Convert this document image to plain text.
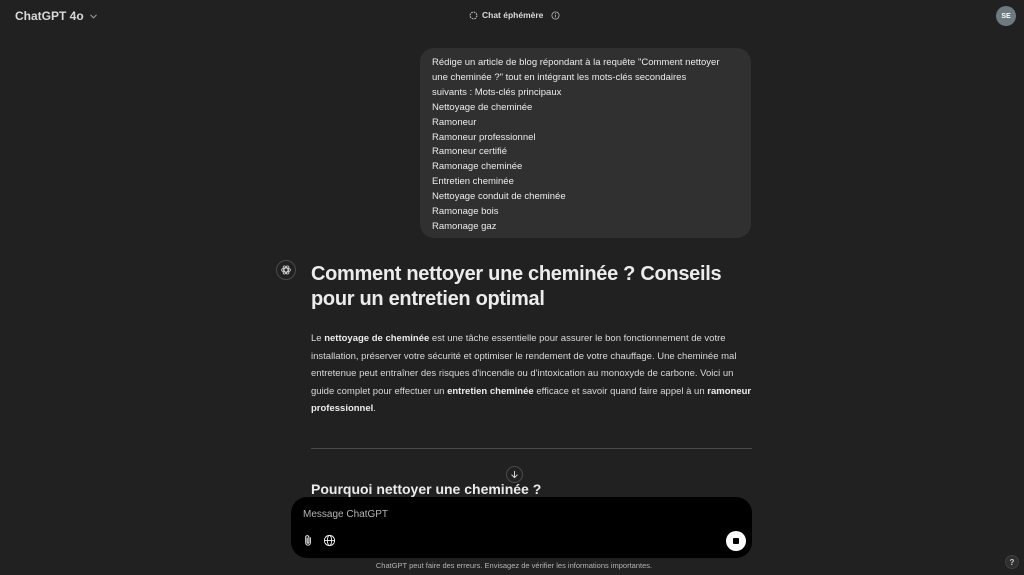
ChatGPT 4o	Chat éphémère	SE
Rédige un article de blog répondant à la requête "Comment nettoyer
une cheminée ?" tout en intégrant les mots-clés secondaires
suivants : Mots-clés principaux
Nettoyage de cheminée
Ramoneur
Ramoneur professionnel
Ramoneur certifié
Ramonage cheminée
Entretien cheminée
Nettoyage conduit de cheminée
Ramonage bois
Ramonage gaz
Comment nettoyer une cheminée ? Conseils pour un entretien optimal

Le nettoyage de cheminée est une tâche essentielle pour assurer le bon fonctionnement de votre installation, préserver votre sécurité et optimiser le rendement de votre chauffage. Une cheminée mal entretenue peut entraîner des risques d'incendie ou d'intoxication au monoxyde de carbone. Voici un guide complet pour effectuer un entretien cheminée efficace et savoir quand faire appel à un ramoneur professionnel.

Pourquoi nettoyer une cheminée ?
Message ChatGPT
ChatGPT peut faire des erreurs. Envisagez de vérifier les informations importantes.	?
